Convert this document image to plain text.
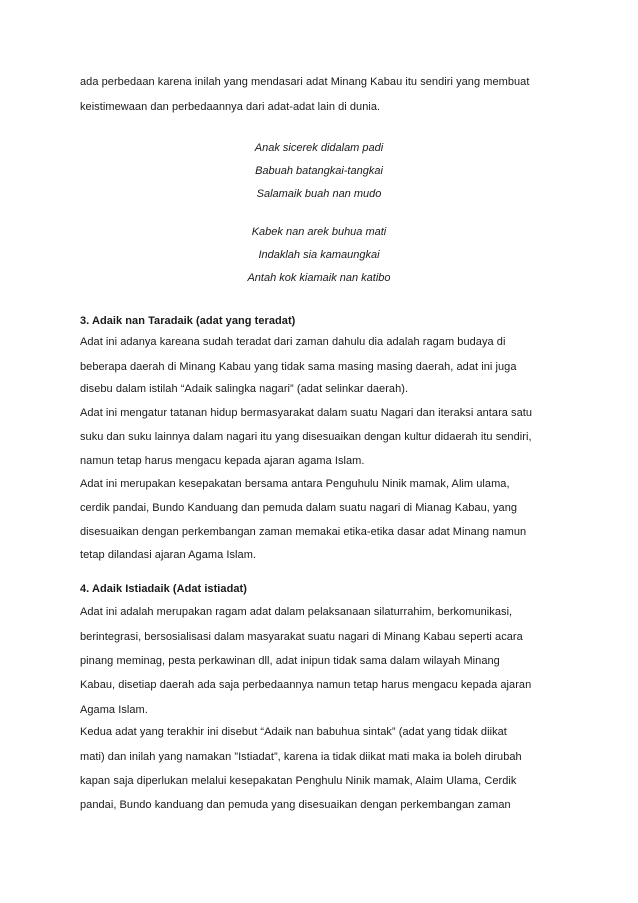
ada perbedaan karena inilah yang mendasari adat Minang Kabau itu sendiri yang membuat
keistimewaan dan perbedaannya dari adat-adat lain di dunia.
Anak sicerek didalam padi
Babuah batangkai-tangkai
Salamaik buah nan mudo
Kabek nan arek buhua mati
Indaklah sia kamaungkai
Antah kok kiamaik nan katibo
3. Adaik nan Taradaik (adat yang teradat)
Adat ini adanya kareana sudah teradat dari zaman dahulu dia adalah ragam budaya di
beberapa daerah di Minang Kabau yang tidak sama masing masing daerah, adat ini juga
disebu dalam istilah “Adaik salingka nagari” (adat selinkar daerah).
Adat ini mengatur tatanan hidup bermasyarakat dalam suatu Nagari dan iteraksi antara satu
suku dan suku lainnya dalam nagari itu yang disesuaikan dengan kultur didaerah itu sendiri,
namun tetap harus mengacu kepada ajaran agama Islam.
Adat ini merupakan kesepakatan bersama antara Penguhulu Ninik mamak, Alim ulama,
cerdik pandai, Bundo Kanduang dan pemuda dalam suatu nagari di Mianag Kabau, yang
disesuaikan dengan perkembangan zaman memakai etika-etika dasar adat Minang namun
tetap dilandasi ajaran Agama Islam.
4. Adaik Istiadaik (Adat istiadat)
Adat ini adalah merupakan ragam adat dalam pelaksanaan silaturrahim, berkomunikasi,
berintegrasi, bersosialisasi dalam masyarakat suatu nagari di Minang Kabau seperti acara
pinang meminag, pesta perkawinan dll, adat inipun tidak sama dalam wilayah Minang
Kabau, disetiap daerah ada saja perbedaannya namun tetap harus mengacu kepada ajaran
Agama Islam.
Kedua adat yang terakhir ini disebut “Adaik nan babuhua sintak” (adat yang tidak diikat
mati) dan inilah yang namakan ”Istiadat”, karena ia tidak diikat mati maka ia boleh dirubah
kapan saja diperlukan melalui kesepakatan Penghulu Ninik mamak, Alaim Ulama, Cerdik
pandai, Bundo kanduang dan pemuda yang disesuaikan dengan perkembangan zaman
